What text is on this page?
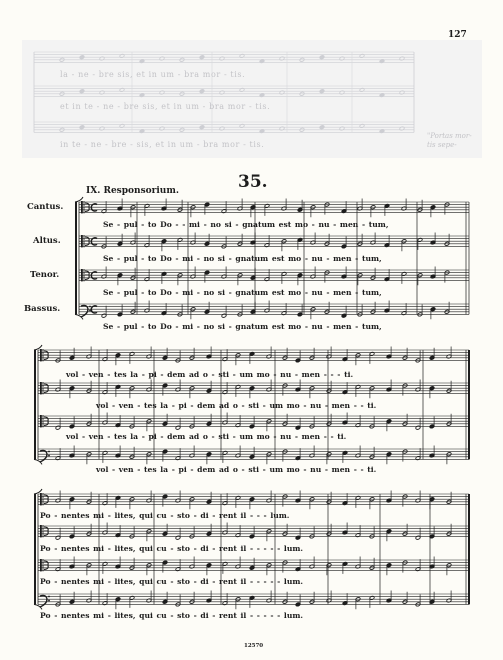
127
la - ne - bre sis, et in um - bra mor - tis.
et in te - ne - bre sis, et in um - bra mor - tis.
in te - ne - bre - sis, et in um - bra mor - tis.
"Portas mor-
tis sepe-
35.
IX. Responsorium.
Cantus.
Altus.
Tenor.
Bassus.
Se - pul - to Do - - mi - no si - gnatum est mo - nu - men - tum,
Se - pul - to Do - mi - no si - gnatum est mo - nu - men - tum,
Se - pul - to Do - mi - no si - gnatum est mo - nu - men - tum,
Se - pul - to Do - mi - no si - gnatum est mo - nu - men - tum,
vol - ven - tes la - pi - dem ad o - sti - um mo - nu - men - - - ti.
vol - ven - tes la - pi - dem ad o - sti - um mo - nu - men - - ti.
vol - ven - tes la - pi - dem ad o - sti - um mo - nu - men - - ti.
vol - ven - tes la - pi - dem ad o - sti - um mo - nu - men - - ti.
Po - nentes mi - lites, qui cu - sto - di - rent il - - - lum.
Po - nentes mi - lites, qui cu - sto - di - rent il - - - - - lum.
Po - nentes mi - lites, qui cu - sto - di - rent il - - - - - lum.
Po - nentes mi - lites, qui cu - sto - di - rent il - - - - - lum.
12570
